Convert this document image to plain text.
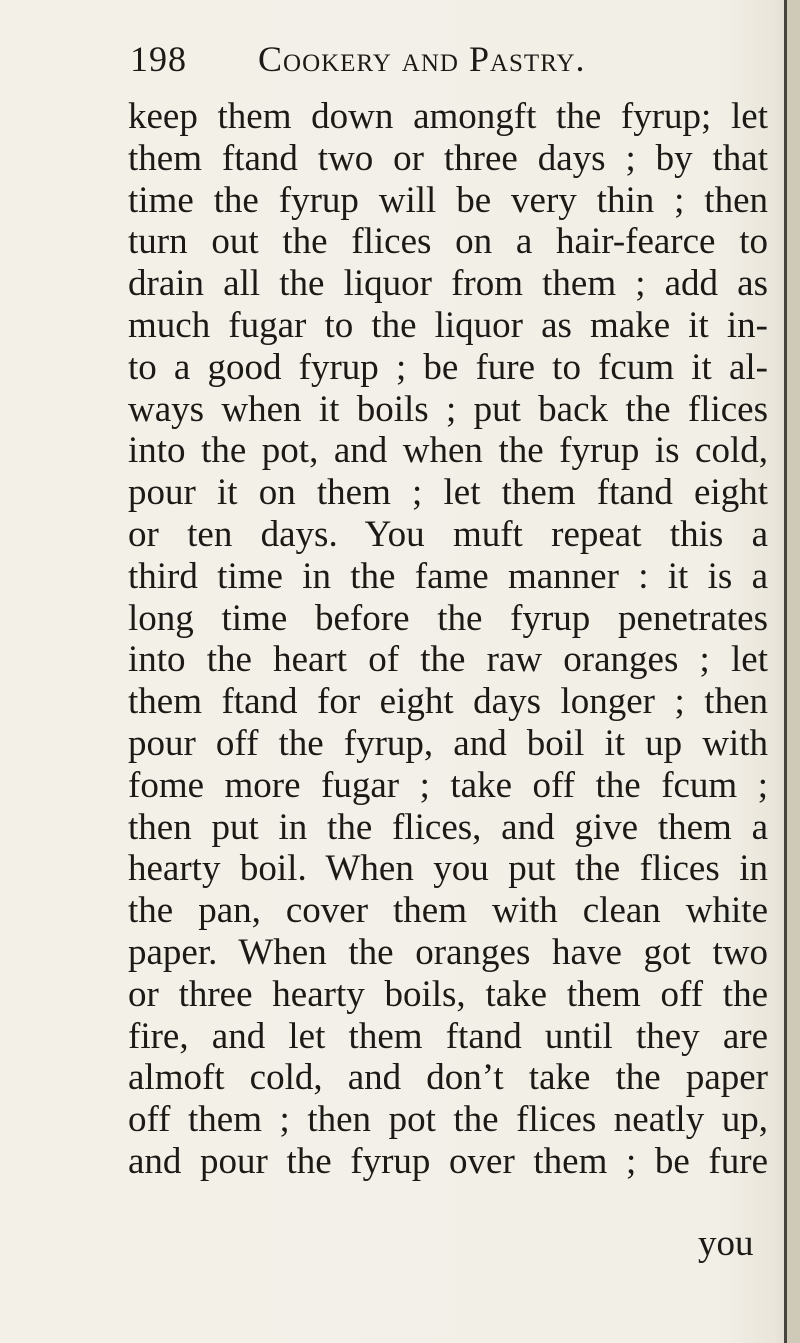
198 Cookery and Pastry.
keep them down amongft the fyrup; let
them ftand two or three days ; by that
time the fyrup will be very thin ; then
turn out the flices on a hair-fearce to
drain all the liquor from them ; add as
much fugar to the liquor as make it in-
to a good fyrup ; be fure to fcum it al-
ways when it boils ; put back the flices
into the pot, and when the fyrup is cold,
pour it on them ; let them ftand eight
or ten days. You muft repeat this a
third time in the fame manner : it is a
long time before the fyrup penetrates
into the heart of the raw oranges ; let
them ftand for eight days longer ; then
pour off the fyrup, and boil it up with
fome more fugar ; take off the fcum ;
then put in the flices, and give them a
hearty boil. When you put the flices in
the pan, cover them with clean white
paper. When the oranges have got two
or three hearty boils, take them off the
fire, and let them ftand until they are
almoft cold, and don’t take the paper
off them ; then pot the flices neatly up,
and pour the fyrup over them ; be fure
you
